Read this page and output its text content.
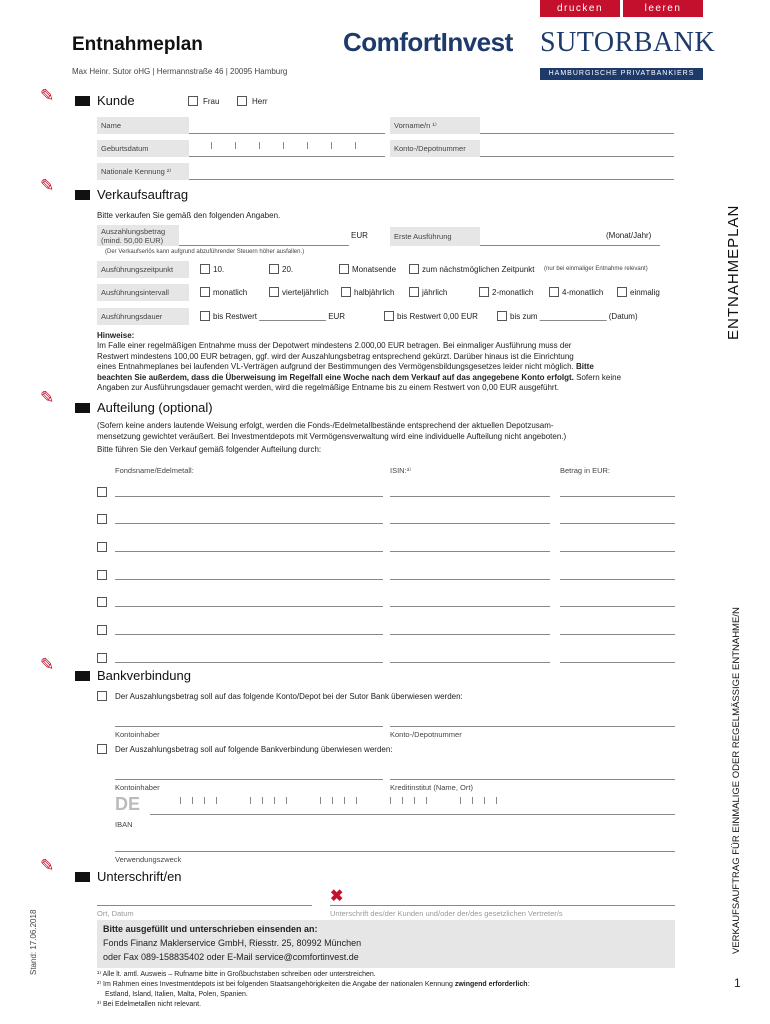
drucken	leeren
Entnahmeplan
Max Heinr. Sutor oHG | Hermannstraße 46 | 20095 Hamburg
ComfortInvest SUTORBANK
HAMBURGISCHE PRIVATBANKIERS SEIT 1921
✎	Kunde	Frau	Herr
Name	Vorname/n ¹⁾
Geburtsdatum	Konto-/Depotnummer
Nationale Kennung ²⁾
✎	Verkaufsauftrag
Bitte verkaufen Sie gemäß den folgenden Angaben.
Auszahlungsbetrag
(mind. 50,00 EUR)
EUR	Erste Ausführung	(Monat/Jahr)
(Der Verkaufserlös kann aufgrund abzuführender Steuern höher ausfallen.)
Ausführungszeitpunkt	10.	20.	Monatsende	zum nächstmöglichen Zeitpunkt (nur bei einmaliger Entnahme relevant)
Ausführungsintervall	monatlich	vierteljährlich	halbjährlich	jährlich	2-monatlich	4-monatlich	einmalig
Ausführungsdauer	bis Restwert _______________ EUR	bis Restwert 0,00 EUR	bis zum _______________ (Datum)
Hinweise:
Im Falle einer regelmäßigen Entnahme muss der Depotwert mindestens 2.000,00 EUR betragen. Bei einmaliger Ausführung muss der
Restwert mindestens 100,00 EUR betragen, ggf. wird der Auszahlungsbetrag entsprechend gekürzt. Darüber hinaus ist die Einrichtung
eines Entnahmeplanes bei laufenden VL-Verträgen aufgrund der Bestimmungen des Vermögensbildungsgesetzes leider nicht möglich. Bitte
beachten Sie außerdem, dass die Überweisung im Regelfall eine Woche nach dem Verkauf auf das angegebene Konto erfolgt. Sofern keine
Angaben zur Ausführungsdauer gemacht werden, wird die regelmäßige Entname bis zu einem Restwert von 0,00 EUR ausgeführt.
✎
Aufteilung (optional)
(Sofern keine anders lautende Weisung erfolgt, werden die Fonds-/Edelmetallbestände entsprechend der aktuellen Depotzusam-
mensetzung gewichtet veräußert. Bei Investmentdepots mit Vermögensverwaltung wird eine individuelle Aufteilung nicht angeboten.)
Bitte führen Sie den Verkauf gemäß folgender Aufteilung durch:
Fondsname/Edelmetall:	ISIN:³⁾	Betrag in EUR:
✎
Bankverbindung
Der Auszahlungsbetrag soll auf das folgende Konto/Depot bei der Sutor Bank überwiesen werden:
Kontoinhaber	Konto-/Depotnummer
Der Auszahlungsbetrag soll auf folgende Bankverbindung überwiesen werden:
Kontoinhaber	Kreditinstitut (Name, Ort)
DE
IBAN
Verwendungszweck
✎
Unterschrift/en
✖
Ort, Datum	Unterschrift des/der Kunden und/oder der/des gesetzlichen Vertreter/s
Bitte ausgefüllt und unterschrieben einsenden an:
Fonds Finanz Maklerservice GmbH, Riesstr. 25, 80992 München
oder Fax 089-158835402 oder E-Mail service@comfortinvest.de
¹⁾ Alle lt. amtl. Ausweis – Rufname bitte in Großbuchstaben schreiben oder unterstreichen.
²⁾ Im Rahmen eines Investmentdepots ist bei folgenden Staatsangehörigkeiten die Angabe der nationalen Kennung zwingend erforderlich:
Estland, Island, Italien, Malta, Polen, Spanien.
³⁾ Bei Edelmetallen nicht relevant.
Stand: 17.06.2018
ENTNAHMEPLAN
VERKAUFSAUFTRAG FÜR EINMALIGE ODER REGELMÄSSIGE ENTNAHME/N
1
